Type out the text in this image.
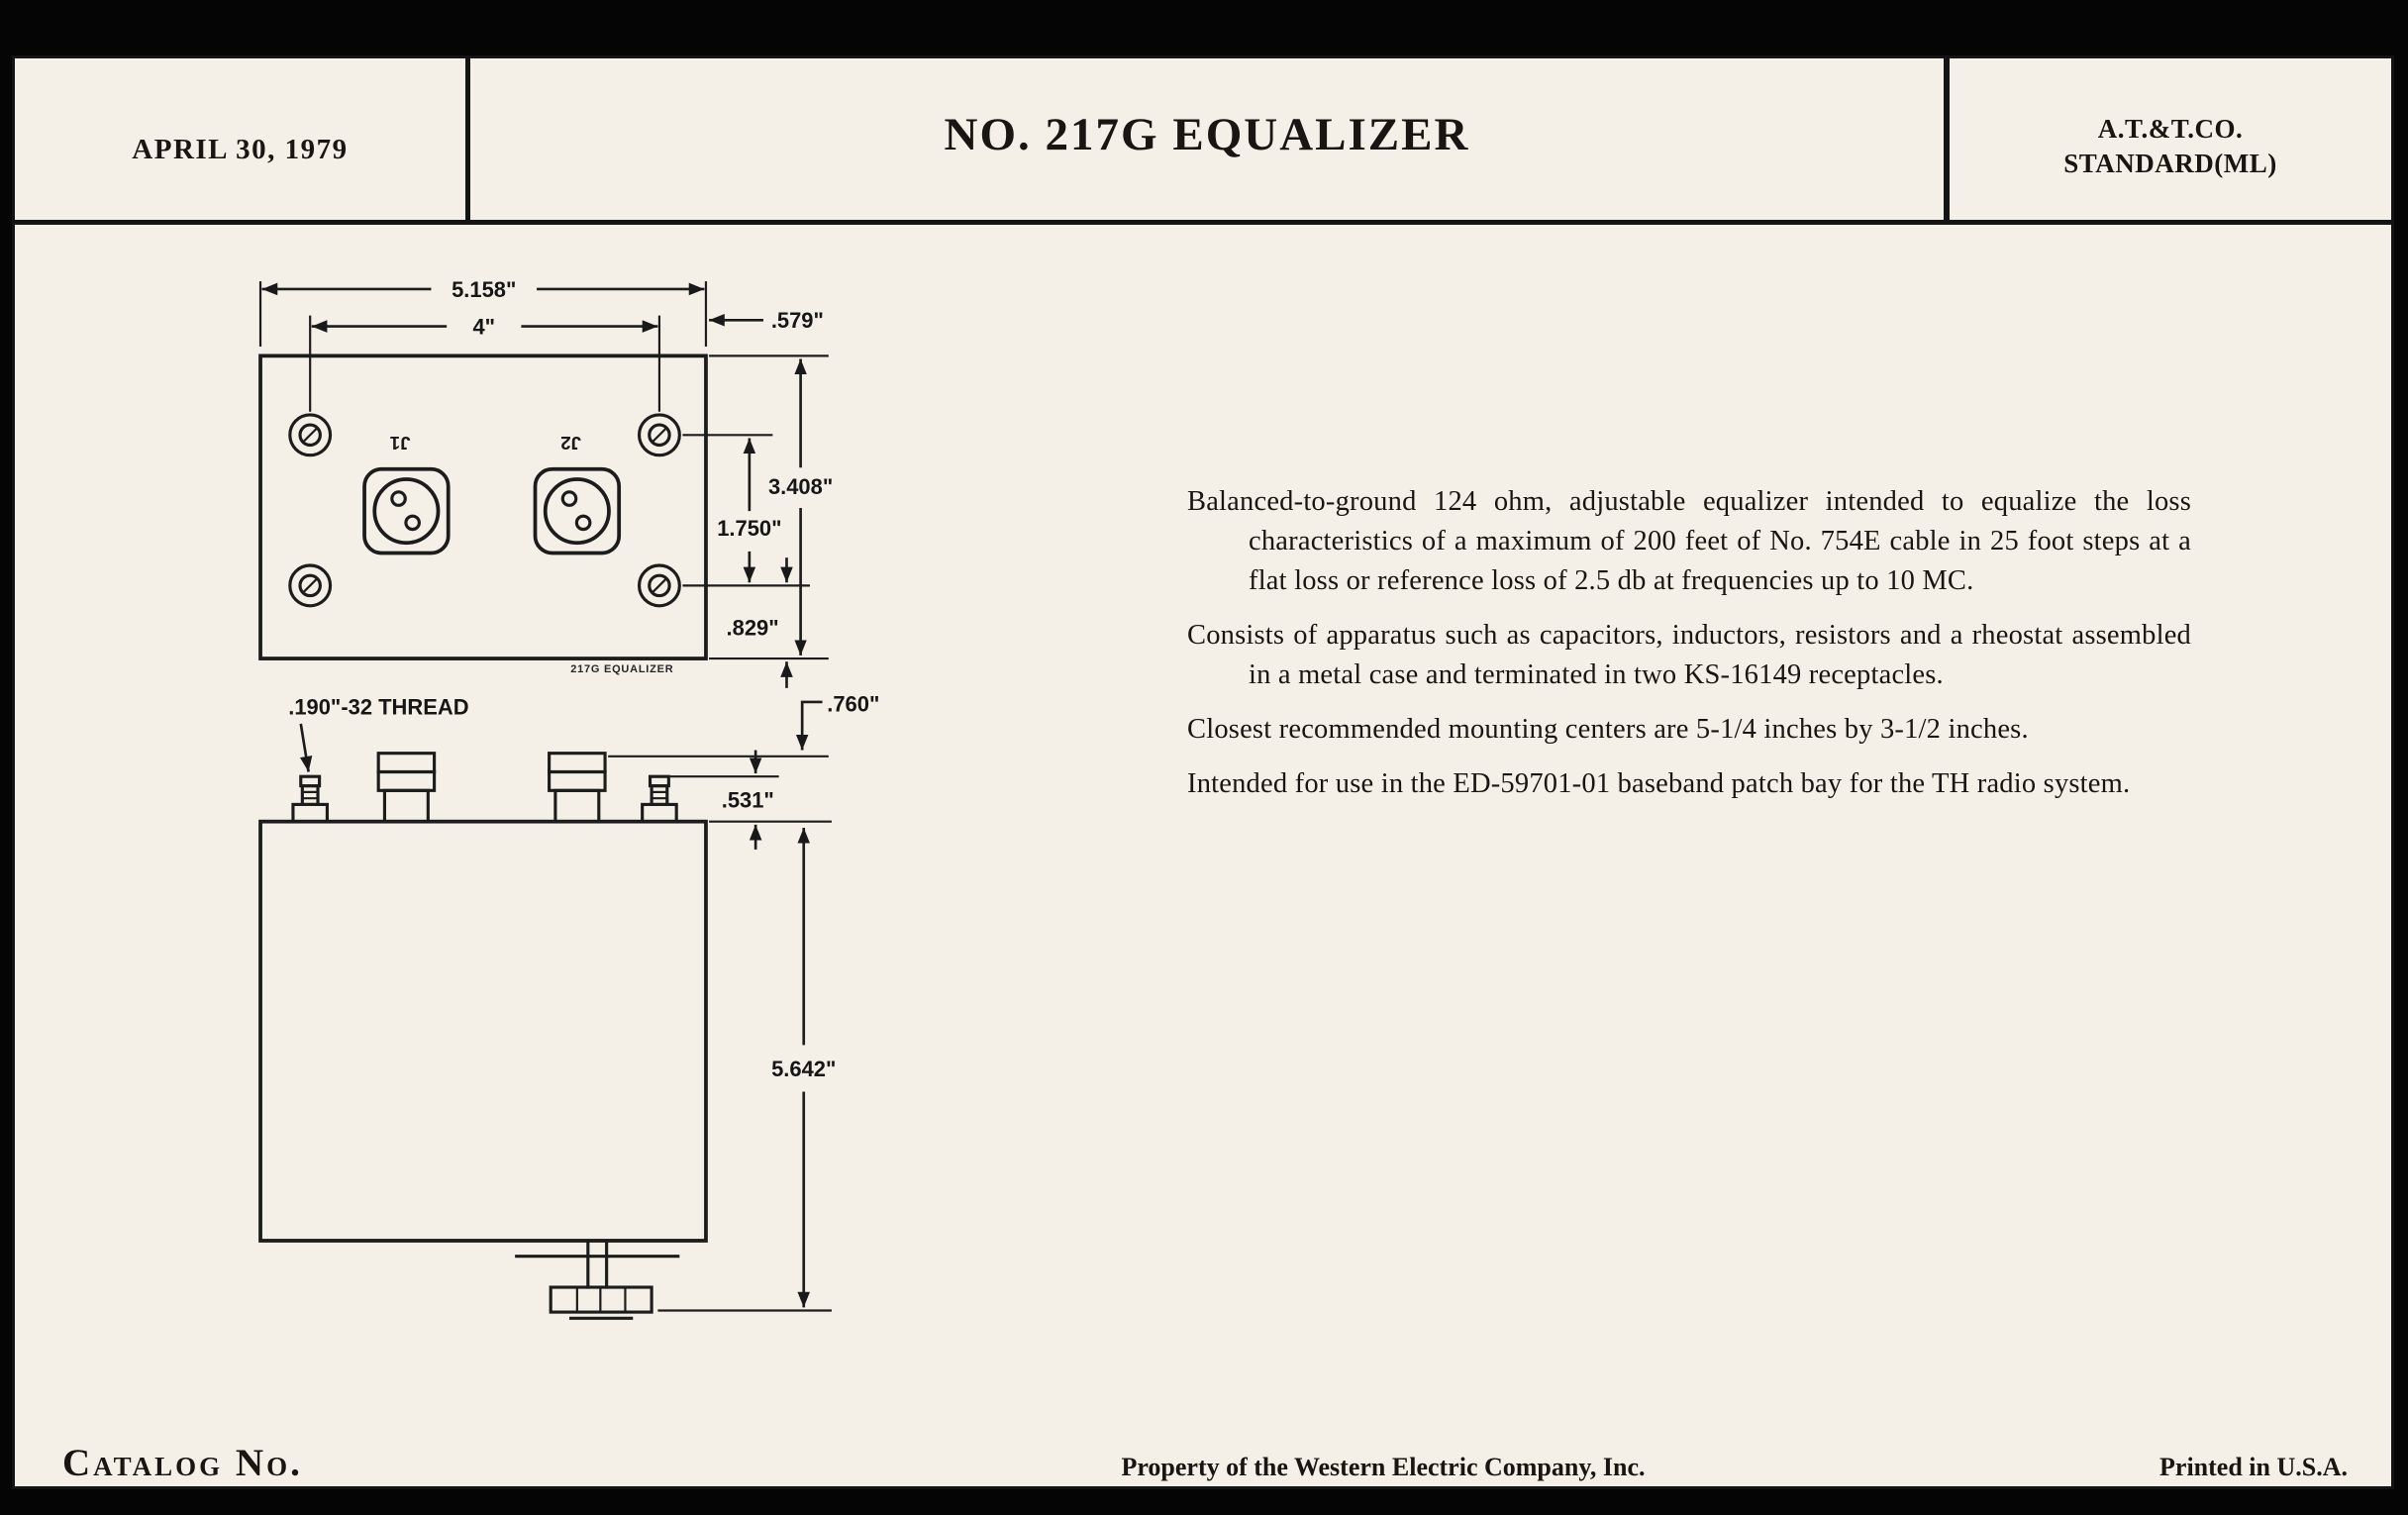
APRIL 30, 1979	NO. 217G EQUALIZER	A.T.&T.CO.
STANDARD(ML)
J1	J2
217G EQUALIZER
5.158"
4"	.579"
3.408"
1.750"
.829"
.190"-32 THREAD	.760"
.531"
5.642"

Balanced-to-ground 124 ohm, adjustable equalizer intended to equalize the loss characteristics of a maximum of 200 feet of No. 754E cable in 25 foot steps at a flat loss or reference loss of 2.5 db at frequencies up to 10 MC.

Consists of apparatus such as capacitors, inductors, resistors and a rheostat assembled in a metal case and terminated in two KS-16149 receptacles.

Closest recommended mounting centers are 5-1/4 inches by 3-1/2 inches.

Intended for use in the ED-59701-01 baseband patch bay for the TH radio system.

Catalog No.	Property of the Western Electric Company, Inc.	Printed in U.S.A.
